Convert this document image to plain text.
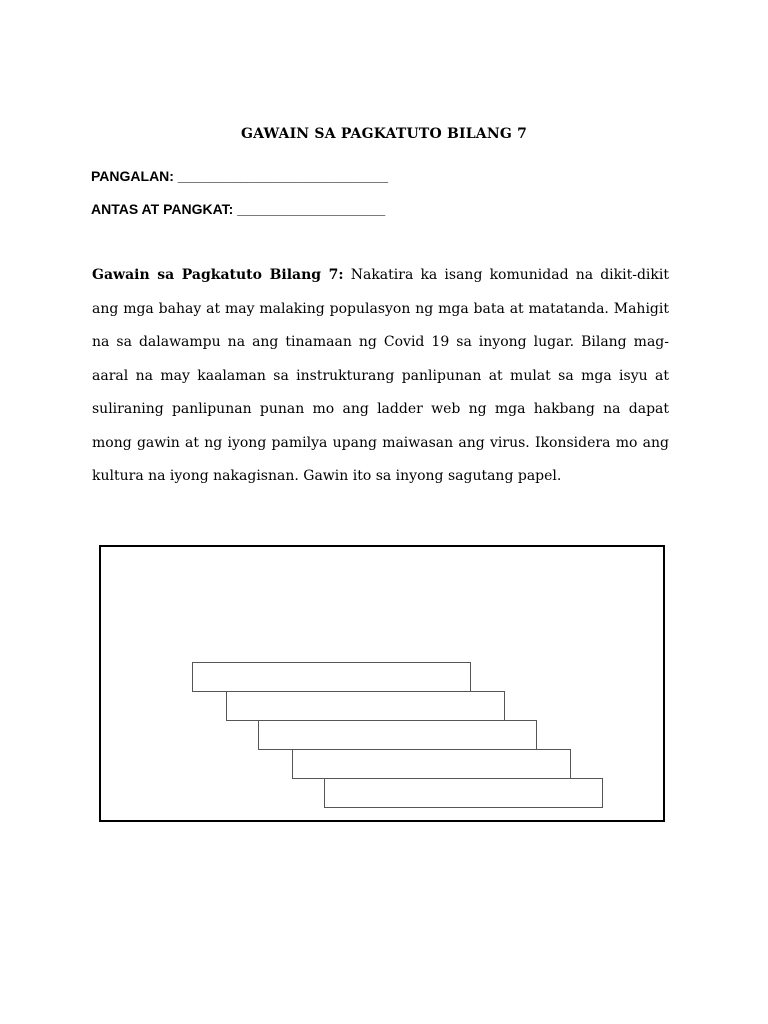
GAWAIN SA PAGKATUTO BILANG 7
PANGALAN: ___________________________
ANTAS AT PANGKAT: ___________________
Gawain sa Pagkatuto Bilang 7: Nakatira ka isang komunidad na dikit-dikit ang mga bahay at may malaking populasyon ng mga bata at matatanda. Mahigit na sa dalawampu na ang tinamaan ng Covid 19 sa inyong lugar. Bilang mag-aaral na may kaalaman sa instrukturang panlipunan at mulat sa mga isyu at suliraning panlipunan punan mo ang ladder web ng mga hakbang na dapat mong gawin at ng iyong pamilya upang maiwasan ang virus. Ikonsidera mo ang kultura na iyong nakagisnan. Gawin ito sa inyong sagutang papel.
